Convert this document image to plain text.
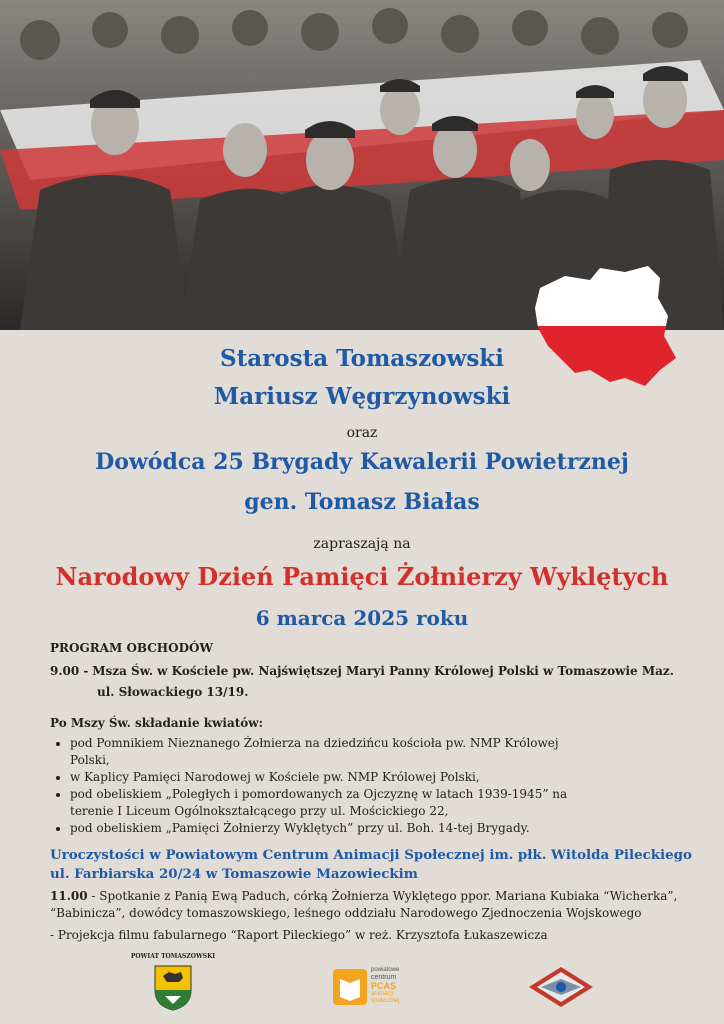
Starosta Tomaszowski
Mariusz Węgrzynowski
oraz
Dowódca 25 Brygady Kawalerii Powietrznej
gen. Tomasz Białas
zapraszają na
Narodowy Dzień Pamięci Żołnierzy Wyklętych
6 marca 2025 roku
PROGRAM OBCHODÓW
9.00 - Msza Św. w Kościele pw. Najświętszej Maryi Panny Królowej Polski w Tomaszowie Maz.
ul. Słowackiego 13/19.
Po Mszy Św. składanie kwiatów:
• pod Pomnikiem Nieznanego Żołnierza na dziedzińcu kościoła pw. NMP Królowej Polski,
• w Kaplicy Pamięci Narodowej w Kościele pw. NMP Królowej Polski,
• pod obeliskiem „Poległych i pomordowanych za Ojczyznę w latach 1939-1945” na terenie I Liceum Ogólnokształcącego przy ul. Mościckiego 22,
• pod obeliskiem „Pamięci Żołnierzy Wyklętych” przy ul. Boh. 14-tej Brygady.
Uroczystości w Powiatowym Centrum Animacji Społecznej im. płk. Witolda Pileckiego
ul. Farbiarska 20/24 w Tomaszowie Mazowieckim
11.00 - Spotkanie z Panią Ewą Paduch, córką Żołnierza Wyklętego ppor. Mariana Kubiaka “Wicherka”, “Babinicza”, dowódcy tomaszowskiego, leśnego oddziału Narodowego Zjednoczenia Wojskowego
- Projekcja filmu fabularnego “Raport Pileckiego” w reż. Krzysztofa Łukaszewicza
POWIAT TOMASZOWSKI
powiatowe
centrum
PCAS
animacji
społecznej
